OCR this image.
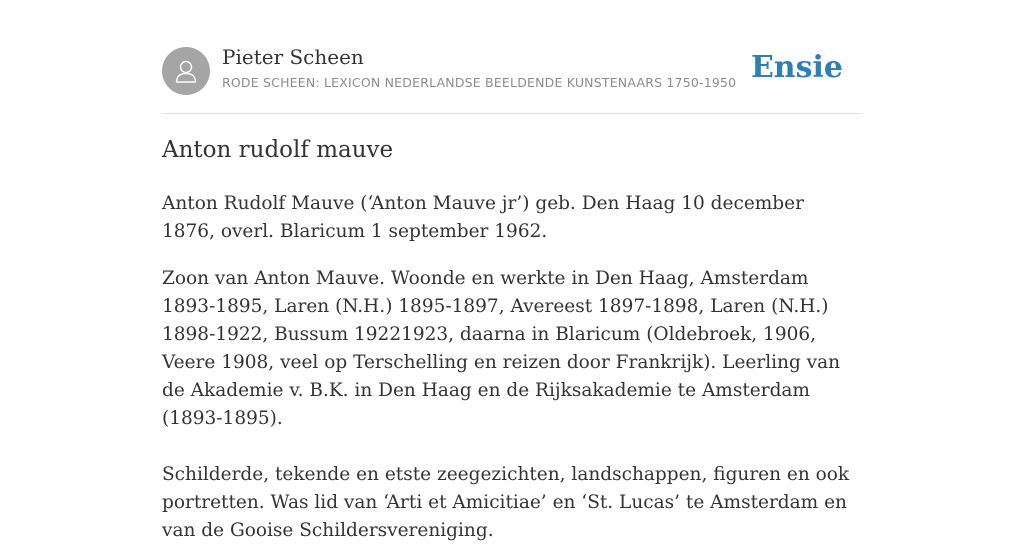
Pieter Scheen
RODE SCHEEN: LEXICON NEDERLANDSE BEELDENDE KUNSTENAARS 1750-1950 Ensie
Anton rudolf mauve

Anton Rudolf Mauve (‘Anton Mauve jr’) geb. Den Haag 10 december 1876, overl. Blaricum 1 september 1962.

Zoon van Anton Mauve. Woonde en werkte in Den Haag, Amsterdam 1893-1895, Laren (N.H.) 1895-1897, Avereest 1897-1898, Laren (N.H.) 1898-1922, Bussum 19221923, daarna in Blaricum (Oldebroek, 1906, Veere 1908, veel op Terschelling en reizen door Frankrijk). Leerling van de Akademie v. B.K. in Den Haag en de Rijksakademie te Amsterdam (1893-1895).

Schilderde, tekende en etste zeegezichten, landschappen, figuren en ook portretten. Was lid van ‘Arti et Amicitiae’ en ‘St. Lucas’ te Amsterdam en van de Gooise Schildersvereniging.
